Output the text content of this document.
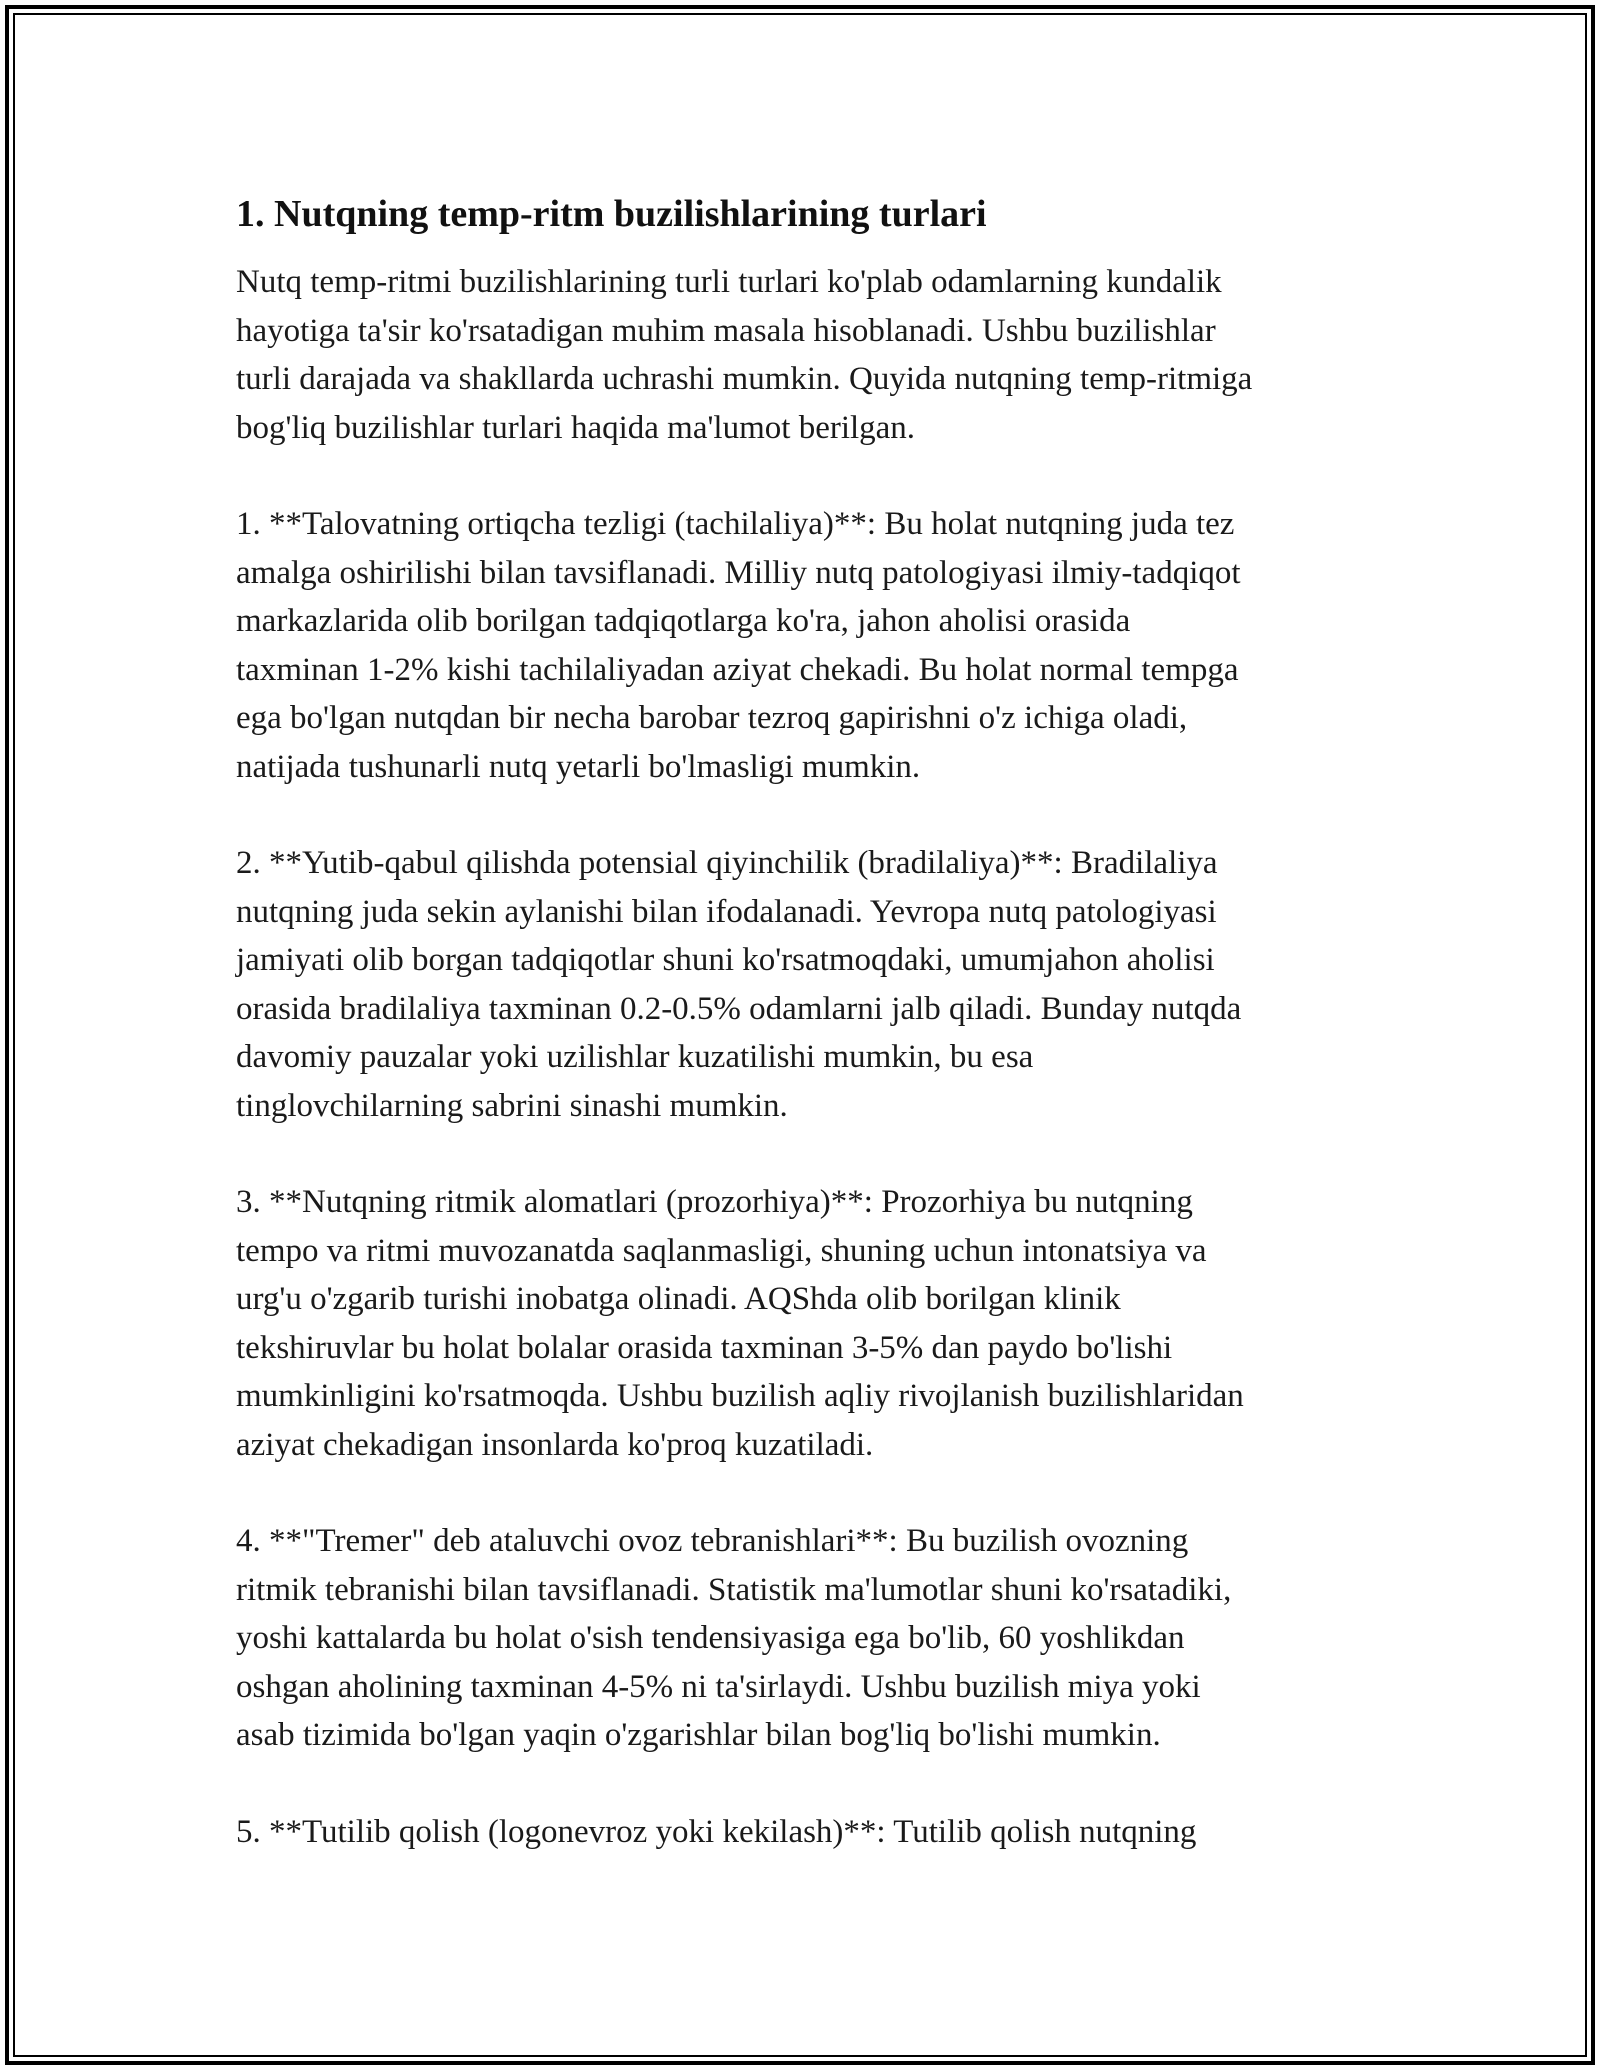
1. Nutqning temp-ritm buzilishlarining turlari

Nutq temp-ritmi buzilishlarining turli turlari ko'plab odamlarning kundalik
hayotiga ta'sir ko'rsatadigan muhim masala hisoblanadi. Ushbu buzilishlar
turli darajada va shakllarda uchrashi mumkin. Quyida nutqning temp-ritmiga
bog'liq buzilishlar turlari haqida ma'lumot berilgan.

1. **Talovatning ortiqcha tezligi (tachilaliya)**: Bu holat nutqning juda tez
amalga oshirilishi bilan tavsiflanadi. Milliy nutq patologiyasi ilmiy-tadqiqot
markazlarida olib borilgan tadqiqotlarga ko'ra, jahon aholisi orasida
taxminan 1-2% kishi tachilaliyadan aziyat chekadi. Bu holat normal tempga
ega bo'lgan nutqdan bir necha barobar tezroq gapirishni o'z ichiga oladi,
natijada tushunarli nutq yetarli bo'lmasligi mumkin.

2. **Yutib-qabul qilishda potensial qiyinchilik (bradilaliya)**: Bradilaliya
nutqning juda sekin aylanishi bilan ifodalanadi. Yevropa nutq patologiyasi
jamiyati olib borgan tadqiqotlar shuni ko'rsatmoqdaki, umumjahon aholisi
orasida bradilaliya taxminan 0.2-0.5% odamlarni jalb qiladi. Bunday nutqda
davomiy pauzalar yoki uzilishlar kuzatilishi mumkin, bu esa
tinglovchilarning sabrini sinashi mumkin.

3. **Nutqning ritmik alomatlari (prozorhiya)**: Prozorhiya bu nutqning
tempo va ritmi muvozanatda saqlanmasligi, shuning uchun intonatsiya va
urg'u o'zgarib turishi inobatga olinadi. AQShda olib borilgan klinik
tekshiruvlar bu holat bolalar orasida taxminan 3-5% dan paydo bo'lishi
mumkinligini ko'rsatmoqda. Ushbu buzilish aqliy rivojlanish buzilishlaridan
aziyat chekadigan insonlarda ko'proq kuzatiladi.

4. **"Tremer" deb ataluvchi ovoz tebranishlari**: Bu buzilish ovozning
ritmik tebranishi bilan tavsiflanadi. Statistik ma'lumotlar shuni ko'rsatadiki,
yoshi kattalarda bu holat o'sish tendensiyasiga ega bo'lib, 60 yoshlikdan
oshgan aholining taxminan 4-5% ni ta'sirlaydi. Ushbu buzilish miya yoki
asab tizimida bo'lgan yaqin o'zgarishlar bilan bog'liq bo'lishi mumkin.

5. **Tutilib qolish (logonevroz yoki kekilash)**: Tutilib qolish nutqning
